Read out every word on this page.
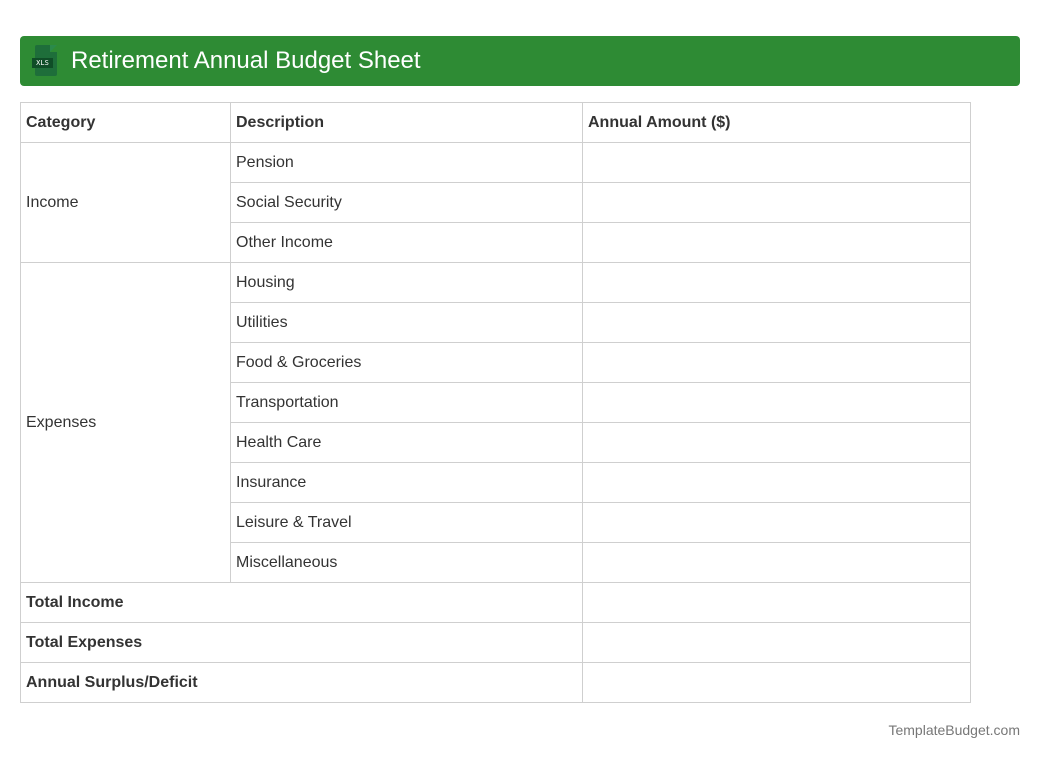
XLS Retirement Annual Budget Sheet
Category	Description	Annual Amount ($)
Income	Pension	
	Social Security	
	Other Income	
Expenses	Housing	
	Utilities	
	Food & Groceries	
	Transportation	
	Health Care	
	Insurance	
	Leisure & Travel	
	Miscellaneous	
Total Income		
Total Expenses		
Annual Surplus/Deficit		
TemplateBudget.com
